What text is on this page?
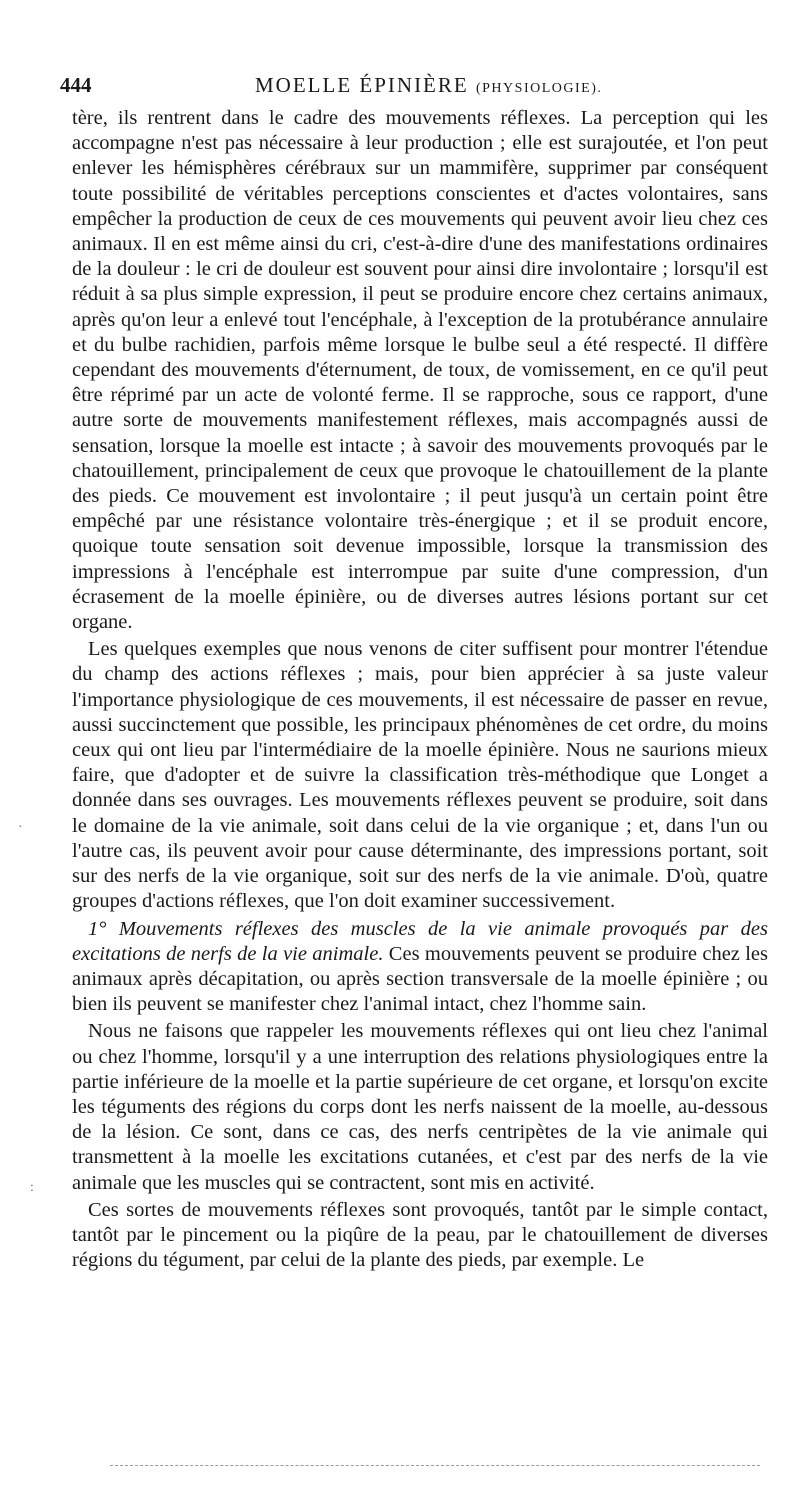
444	MOELLE ÉPINIÈRE (PHYSIOLOGIE).

tère, ils rentrent dans le cadre des mouvements réflexes. La perception qui les accompagne n'est pas nécessaire à leur production ; elle est surajoutée, et l'on peut enlever les hémisphères cérébraux sur un mammifère, supprimer par conséquent toute possibilité de véritables perceptions conscientes et d'actes volontaires, sans empêcher la production de ceux de ces mouvements qui peuvent avoir lieu chez ces animaux. Il en est même ainsi du cri, c'est-à-dire d'une des manifestations ordinaires de la douleur : le cri de douleur est souvent pour ainsi dire involontaire ; lorsqu'il est réduit à sa plus simple expression, il peut se produire encore chez certains animaux, après qu'on leur a enlevé tout l'encéphale, à l'exception de la protubérance annulaire et du bulbe rachidien, parfois même lorsque le bulbe seul a été respecté. Il diffère cependant des mouvements d'éternument, de toux, de vomissement, en ce qu'il peut être réprimé par un acte de volonté ferme. Il se rapproche, sous ce rapport, d'une autre sorte de mouvements manifestement réflexes, mais accompagnés aussi de sensation, lorsque la moelle est intacte ; à savoir des mouvements provoqués par le chatouillement, principalement de ceux que provoque le chatouillement de la plante des pieds. Ce mouvement est involontaire ; il peut jusqu'à un certain point être empêché par une résistance volontaire très-énergique ; et il se produit encore, quoique toute sensation soit devenue impossible, lorsque la transmission des impressions à l'encéphale est interrompue par suite d'une compression, d'un écrasement de la moelle épinière, ou de diverses autres lésions portant sur cet organe.

Les quelques exemples que nous venons de citer suffisent pour montrer l'étendue du champ des actions réflexes ; mais, pour bien apprécier à sa juste valeur l'importance physiologique de ces mouvements, il est nécessaire de passer en revue, aussi succinctement que possible, les principaux phénomènes de cet ordre, du moins ceux qui ont lieu par l'intermédiaire de la moelle épinière. Nous ne saurions mieux faire, que d'adopter et de suivre la classification très-méthodique que Longet a donnée dans ses ouvrages. Les mouvements réflexes peuvent se produire, soit dans le domaine de la vie animale, soit dans celui de la vie organique ; et, dans l'un ou l'autre cas, ils peuvent avoir pour cause déterminante, des impressions portant, soit sur des nerfs de la vie organique, soit sur des nerfs de la vie animale. D'où, quatre groupes d'actions réflexes, que l'on doit examiner successivement.

1° Mouvements réflexes des muscles de la vie animale provoqués par des excitations de nerfs de la vie animale. Ces mouvements peuvent se produire chez les animaux après décapitation, ou après section transversale de la moelle épinière ; ou bien ils peuvent se manifester chez l'animal intact, chez l'homme sain.

Nous ne faisons que rappeler les mouvements réflexes qui ont lieu chez l'animal ou chez l'homme, lorsqu'il y a une interruption des relations physiologiques entre la partie inférieure de la moelle et la partie supérieure de cet organe, et lorsqu'on excite les téguments des régions du corps dont les nerfs naissent de la moelle, au-dessous de la lésion. Ce sont, dans ce cas, des nerfs centripètes de la vie animale qui transmettent à la moelle les excitations cutanées, et c'est par des nerfs de la vie animale que les muscles qui se contractent, sont mis en activité.

Ces sortes de mouvements réflexes sont provoqués, tantôt par le simple contact, tantôt par le pincement ou la piqûre de la peau, par le chatouillement de diverses régions du tégument, par celui de la plante des pieds, par exemple. Le

·
:
